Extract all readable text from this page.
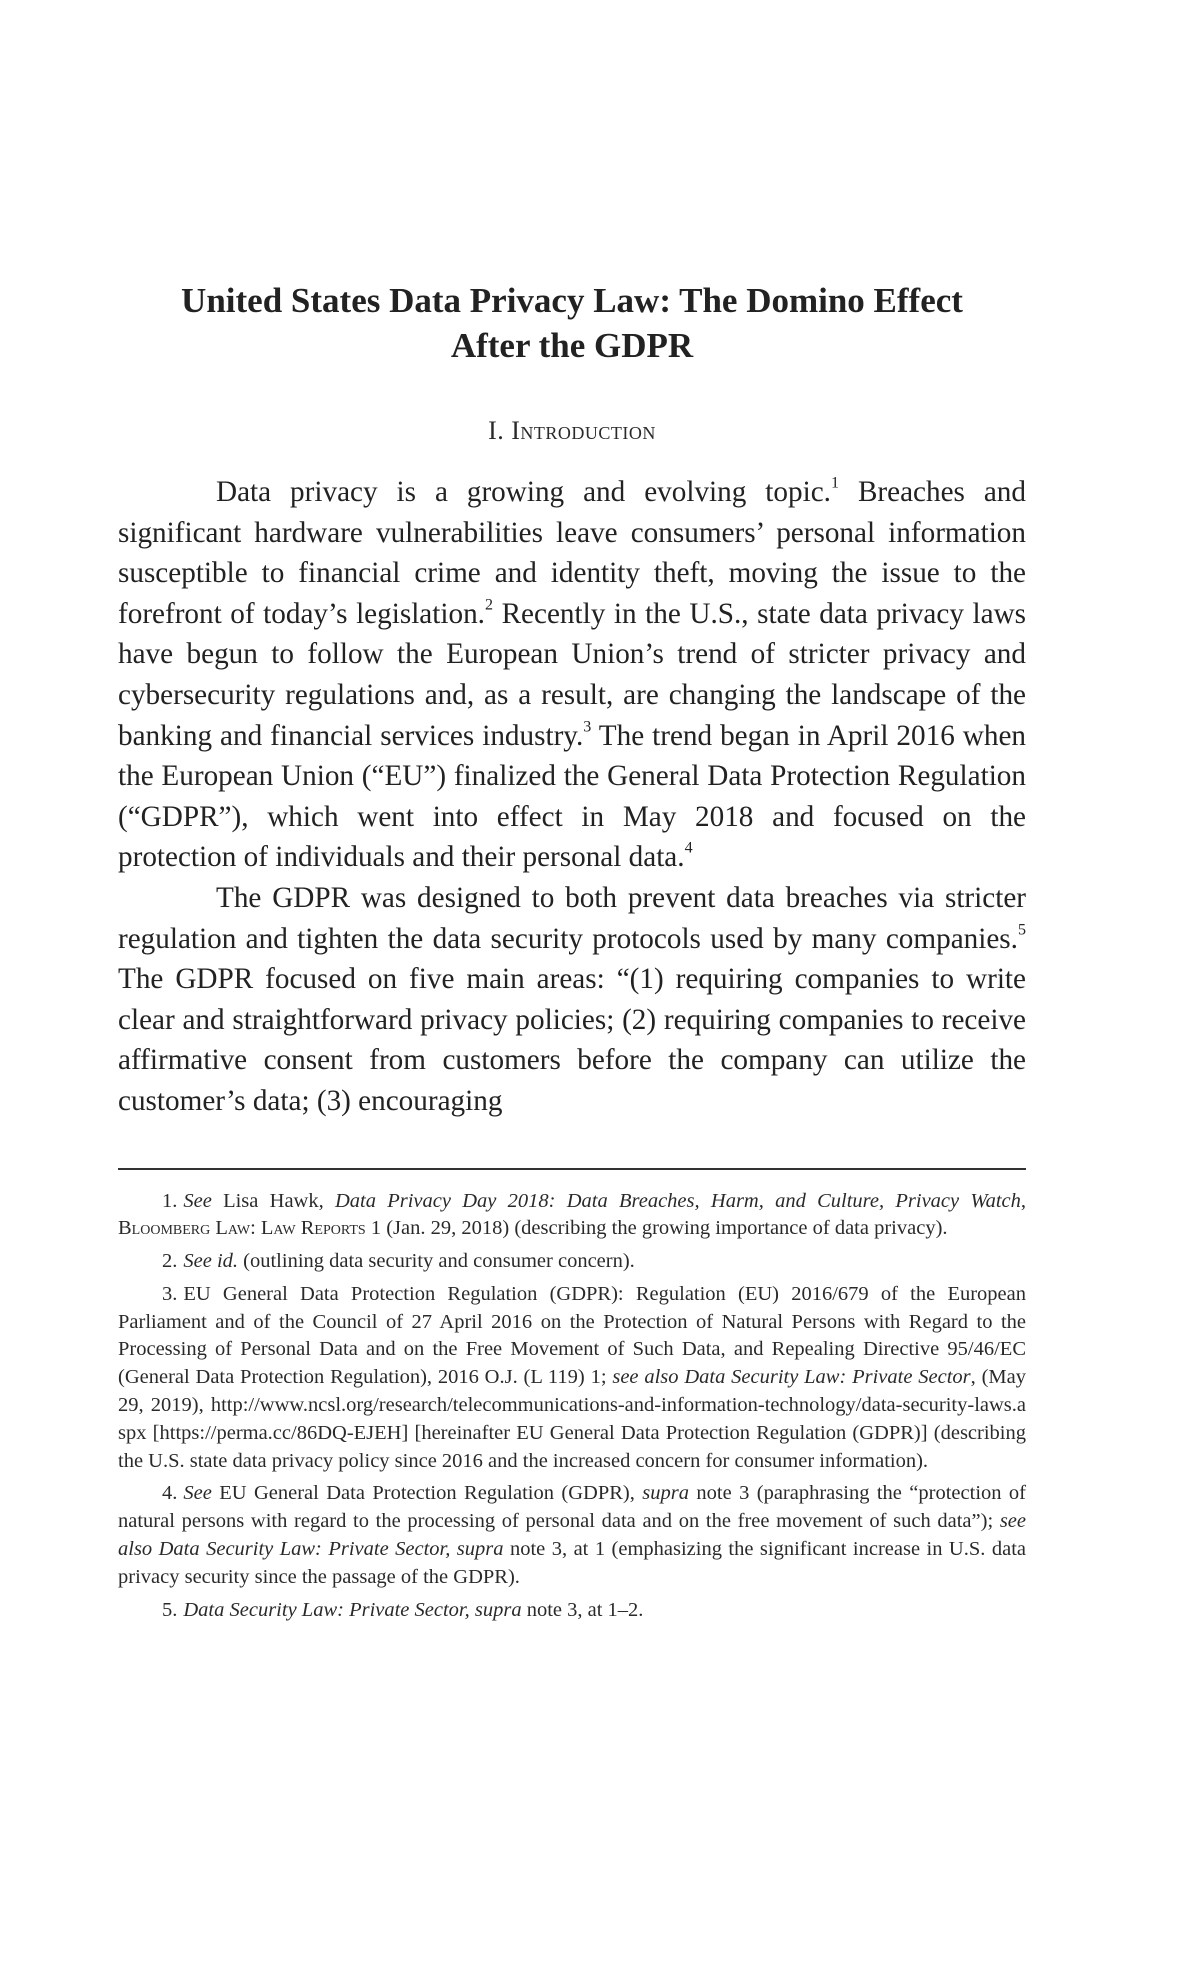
United States Data Privacy Law: The Domino Effect
After the GDPR
I. Introduction

Data privacy is a growing and evolving topic.$^1$ Breaches and significant hardware vulnerabilities leave consumers’ personal information susceptible to financial crime and identity theft, moving the issue to the forefront of today’s legislation.$^2$ Recently in the U.S., state data privacy laws have begun to follow the European Union’s trend of stricter privacy and cybersecurity regulations and, as a result, are changing the landscape of the banking and financial services industry.$^3$ The trend began in April 2016 when the European Union (“EU”) finalized the General Data Protection Regulation (“GDPR”), which went into effect in May 2018 and focused on the protection of individuals and their personal data.$^4$

The GDPR was designed to both prevent data breaches via stricter regulation and tighten the data security protocols used by many companies.$^5$ The GDPR focused on five main areas: “(1) requiring companies to write clear and straightforward privacy policies; (2) requiring companies to receive affirmative consent from customers before the company can utilize the customer’s data; (3) encouraging

1. See Lisa Hawk, Data Privacy Day 2018: Data Breaches, Harm, and Culture, Privacy Watch, Bloomberg Law: Law Reports 1 (Jan. 29, 2018) (describing the growing importance of data privacy).

2. See id. (outlining data security and consumer concern).

3. EU General Data Protection Regulation (GDPR): Regulation (EU) 2016/679 of the European Parliament and of the Council of 27 April 2016 on the Protection of Natural Persons with Regard to the Processing of Personal Data and on the Free Movement of Such Data, and Repealing Directive 95/46/EC (General Data Protection Regulation), 2016 O.J. (L 119) 1; see also Data Security Law: Private Sector, (May 29, 2019), http://www.ncsl.org/research/telecommunications-and-information-technology/data-security-laws.aspx [https://perma.cc/86DQ-EJEH] [hereinafter EU General Data Protection Regulation (GDPR)] (describing the U.S. state data privacy policy since 2016 and the increased concern for consumer information).

4. See EU General Data Protection Regulation (GDPR), supra note 3 (paraphrasing the “protection of natural persons with regard to the processing of personal data and on the free movement of such data”); see also Data Security Law: Private Sector, supra note 3, at 1 (emphasizing the significant increase in U.S. data privacy security since the passage of the GDPR).

5. Data Security Law: Private Sector, supra note 3, at 1–2.
